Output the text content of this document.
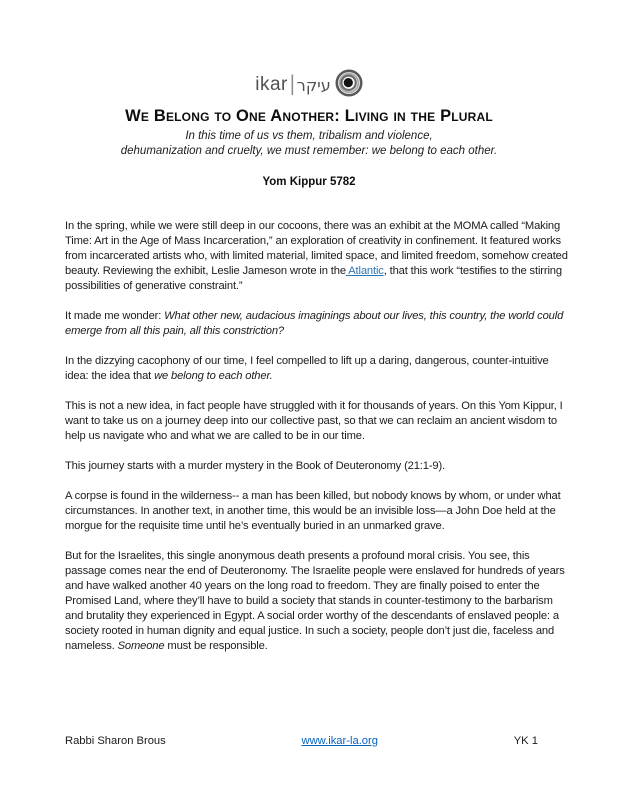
ikar | עיקר
We Belong to One Another: Living in the Plural
In this time of us vs them, tribalism and violence,
dehumanization and cruelty, we must remember: we belong to each other.
Yom Kippur 5782

In the spring, while we were still deep in our cocoons, there was an exhibit at the MOMA called “Making Time: Art in the Age of Mass Incarceration,” an exploration of creativity in confinement. It featured works from incarcerated artists who, with limited material, limited space, and limited freedom, somehow created beauty. Reviewing the exhibit, Leslie Jameson wrote in the Atlantic, that this work “testifies to the stirring possibilities of generative constraint.”

It made me wonder: What other new, audacious imaginings about our lives, this country, the world could emerge from all this pain, all this constriction?

In the dizzying cacophony of our time, I feel compelled to lift up a daring, dangerous, counter-intuitive idea: the idea that we belong to each other.

This is not a new idea, in fact people have struggled with it for thousands of years. On this Yom Kippur, I want to take us on a journey deep into our collective past, so that we can reclaim an ancient wisdom to help us navigate who and what we are called to be in our time.

This journey starts with a murder mystery in the Book of Deuteronomy (21:1-9).

A corpse is found in the wilderness-- a man has been killed, but nobody knows by whom, or under what circumstances. In another text, in another time, this would be an invisible loss—a John Doe held at the morgue for the requisite time until he’s eventually buried in an unmarked grave.

But for the Israelites, this single anonymous death presents a profound moral crisis. You see, this passage comes near the end of Deuteronomy. The Israelite people were enslaved for hundreds of years and have walked another 40 years on the long road to freedom. They are finally poised to enter the Promised Land, where they’ll have to build a society that stands in counter-testimony to the barbarism and brutality they experienced in Egypt. A social order worthy of the descendants of enslaved people: a society rooted in human dignity and equal justice. In such a society, people don’t just die, faceless and nameless. Someone must be responsible.

Rabbi Sharon Brous	www.ikar-la.org	YK 1
